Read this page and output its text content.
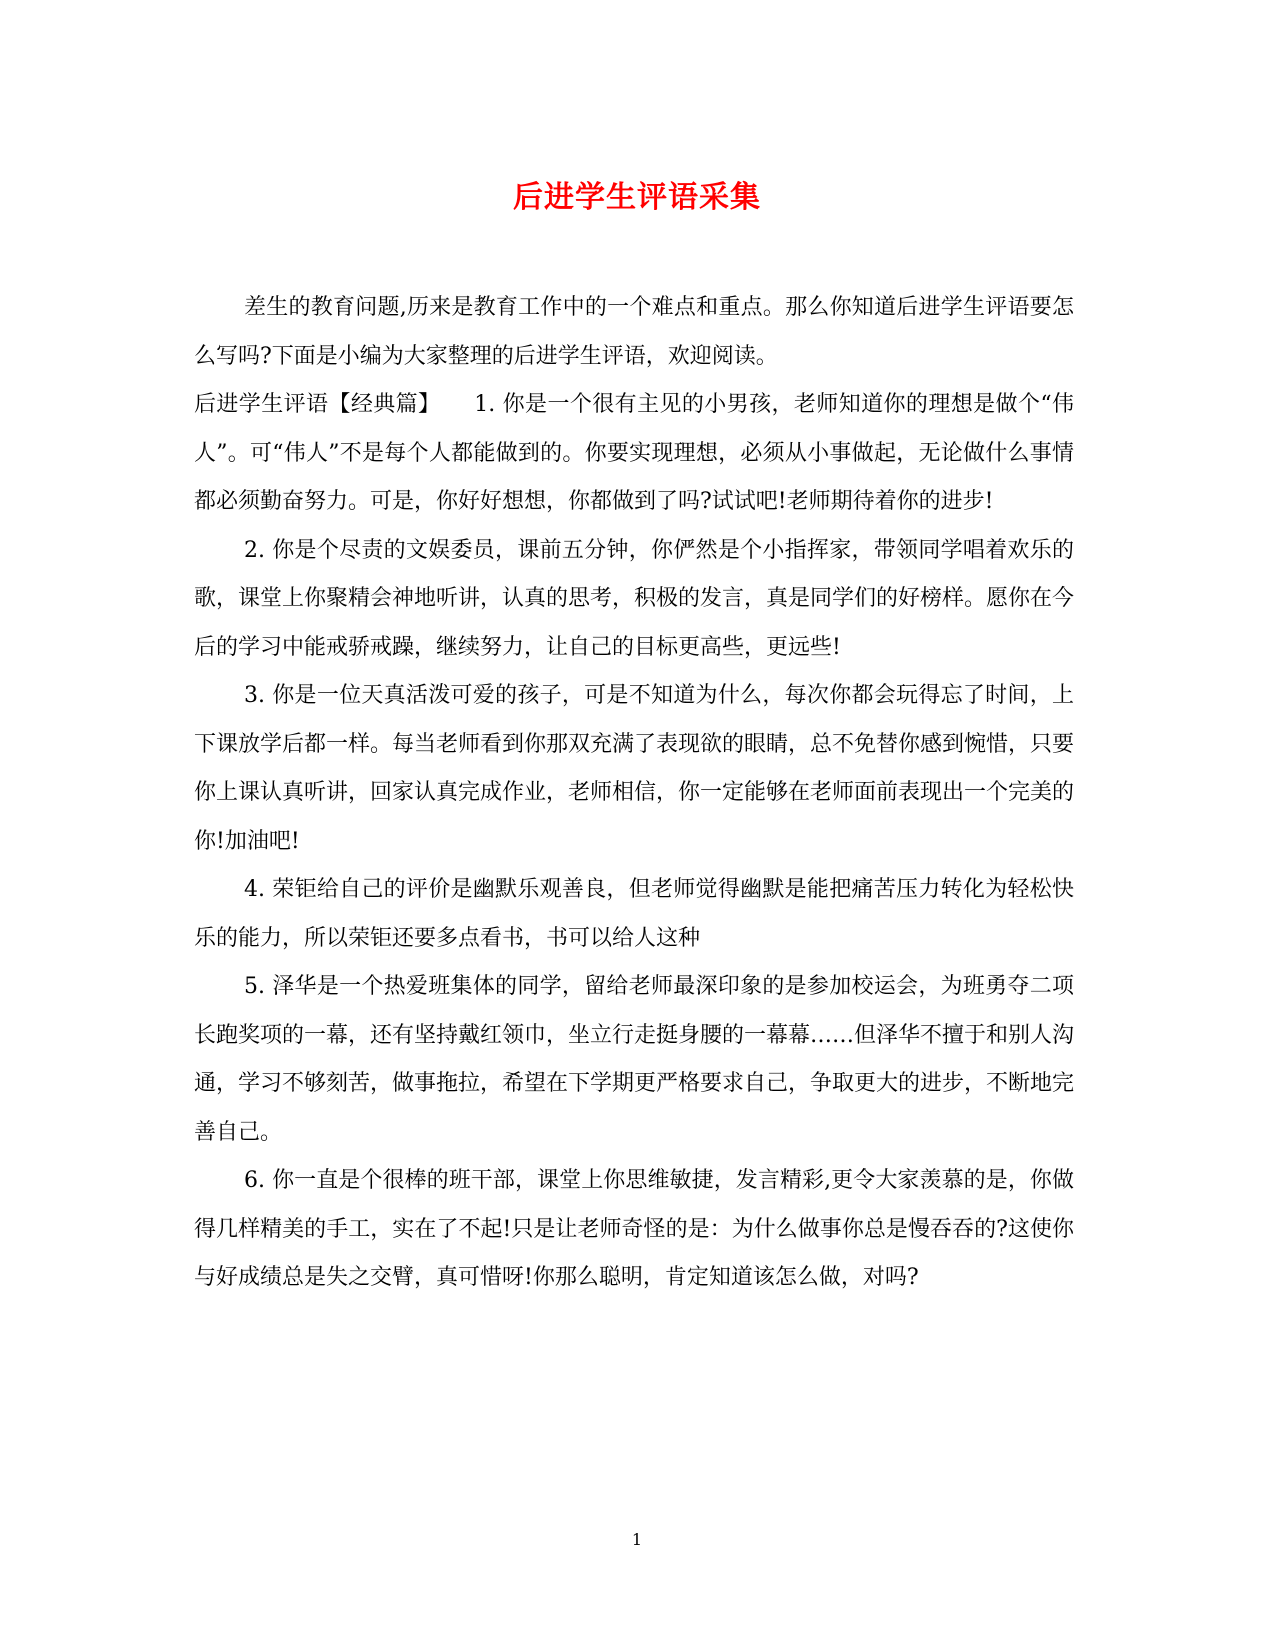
后进学生评语采集

差生的教育问题,历来是教育工作中的一个难点和重点。那么你知道后进学生评语要怎么写吗?下面是小编为大家整理的后进学生评语，欢迎阅读。

后进学生评语【经典篇】　　1. 你是一个很有主见的小男孩，老师知道你的理想是做个“伟人”。可“伟人”不是每个人都能做到的。你要实现理想，必须从小事做起，无论做什么事情都必须勤奋努力。可是，你好好想想，你都做到了吗?试试吧!老师期待着你的进步!

2. 你是个尽责的文娱委员，课前五分钟，你俨然是个小指挥家，带领同学唱着欢乐的歌，课堂上你聚精会神地听讲，认真的思考，积极的发言，真是同学们的好榜样。愿你在今后的学习中能戒骄戒躁，继续努力，让自己的目标更高些，更远些!

3. 你是一位天真活泼可爱的孩子，可是不知道为什么，每次你都会玩得忘了时间，上下课放学后都一样。每当老师看到你那双充满了表现欲的眼睛，总不免替你感到惋惜，只要你上课认真听讲，回家认真完成作业，老师相信，你一定能够在老师面前表现出一个完美的你!加油吧!

4. 荣钜给自己的评价是幽默乐观善良，但老师觉得幽默是能把痛苦压力转化为轻松快乐的能力，所以荣钜还要多点看书，书可以给人这种

5. 泽华是一个热爱班集体的同学，留给老师最深印象的是参加校运会，为班勇夺二项长跑奖项的一幕，还有坚持戴红领巾，坐立行走挺身腰的一幕幕……但泽华不擅于和别人沟通，学习不够刻苦，做事拖拉，希望在下学期更严格要求自己，争取更大的进步，不断地完善自己。

6. 你一直是个很棒的班干部，课堂上你思维敏捷，发言精彩,更令大家羡慕的是，你做得几样精美的手工，实在了不起!只是让老师奇怪的是：为什么做事你总是慢吞吞的?这使你与好成绩总是失之交臂，真可惜呀!你那么聪明，肯定知道该怎么做，对吗?

1
